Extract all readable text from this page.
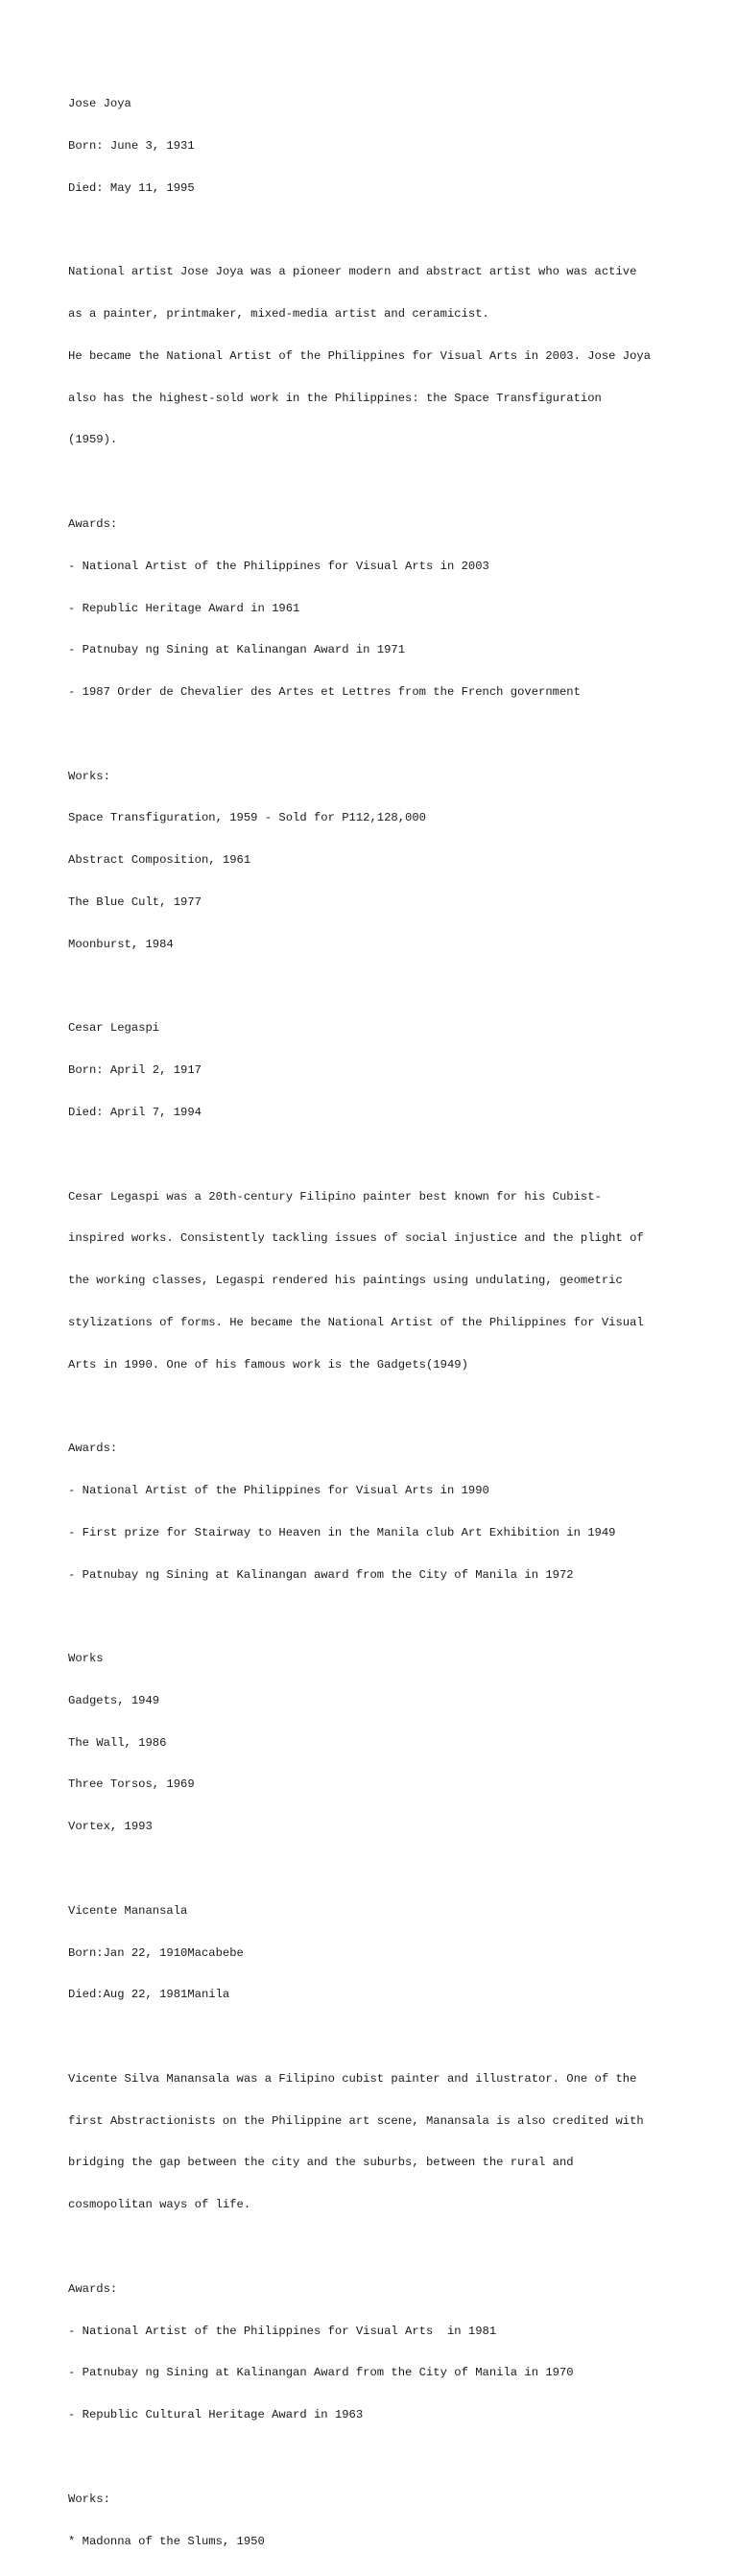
Jose Joya

Born: June 3, 1931

Died: May 11, 1995

National artist Jose Joya was a pioneer modern and abstract artist who was active

as a painter, printmaker, mixed-media artist and ceramicist.

He became the National Artist of the Philippines for Visual Arts in 2003. Jose Joya

also has the highest-sold work in the Philippines: the Space Transfiguration

(1959).

Awards:

- National Artist of the Philippines for Visual Arts in 2003

- Republic Heritage Award in 1961

- Patnubay ng Sining at Kalinangan Award in 1971

- 1987 Order de Chevalier des Artes et Lettres from the French government

Works:

Space Transfiguration, 1959 - Sold for P112,128,000

Abstract Composition, 1961

The Blue Cult, 1977

Moonburst, 1984

Cesar Legaspi

Born: April 2, 1917

Died: April 7, 1994

Cesar Legaspi was a 20th-century Filipino painter best known for his Cubist-

inspired works. Consistently tackling issues of social injustice and the plight of

the working classes, Legaspi rendered his paintings using undulating, geometric

stylizations of forms. He became the National Artist of the Philippines for Visual

Arts in 1990. One of his famous work is the Gadgets(1949)

Awards:

- National Artist of the Philippines for Visual Arts in 1990

- First prize for Stairway to Heaven in the Manila club Art Exhibition in 1949

- Patnubay ng Sining at Kalinangan award from the City of Manila in 1972

Works

Gadgets, 1949

The Wall, 1986

Three Torsos, 1969

Vortex, 1993

Vicente Manansala

Born:Jan 22, 1910Macabebe

Died:Aug 22, 1981Manila

Vicente Silva Manansala was a Filipino cubist painter and illustrator. One of the

first Abstractionists on the Philippine art scene, Manansala is also credited with

bridging the gap between the city and the suburbs, between the rural and

cosmopolitan ways of life.

Awards:

- National Artist of the Philippines for Visual Arts  in 1981

- Patnubay ng Sining at Kalinangan Award from the City of Manila in 1970

- Republic Cultural Heritage Award in 1963

Works:

* Madonna of the Slums, 1950
